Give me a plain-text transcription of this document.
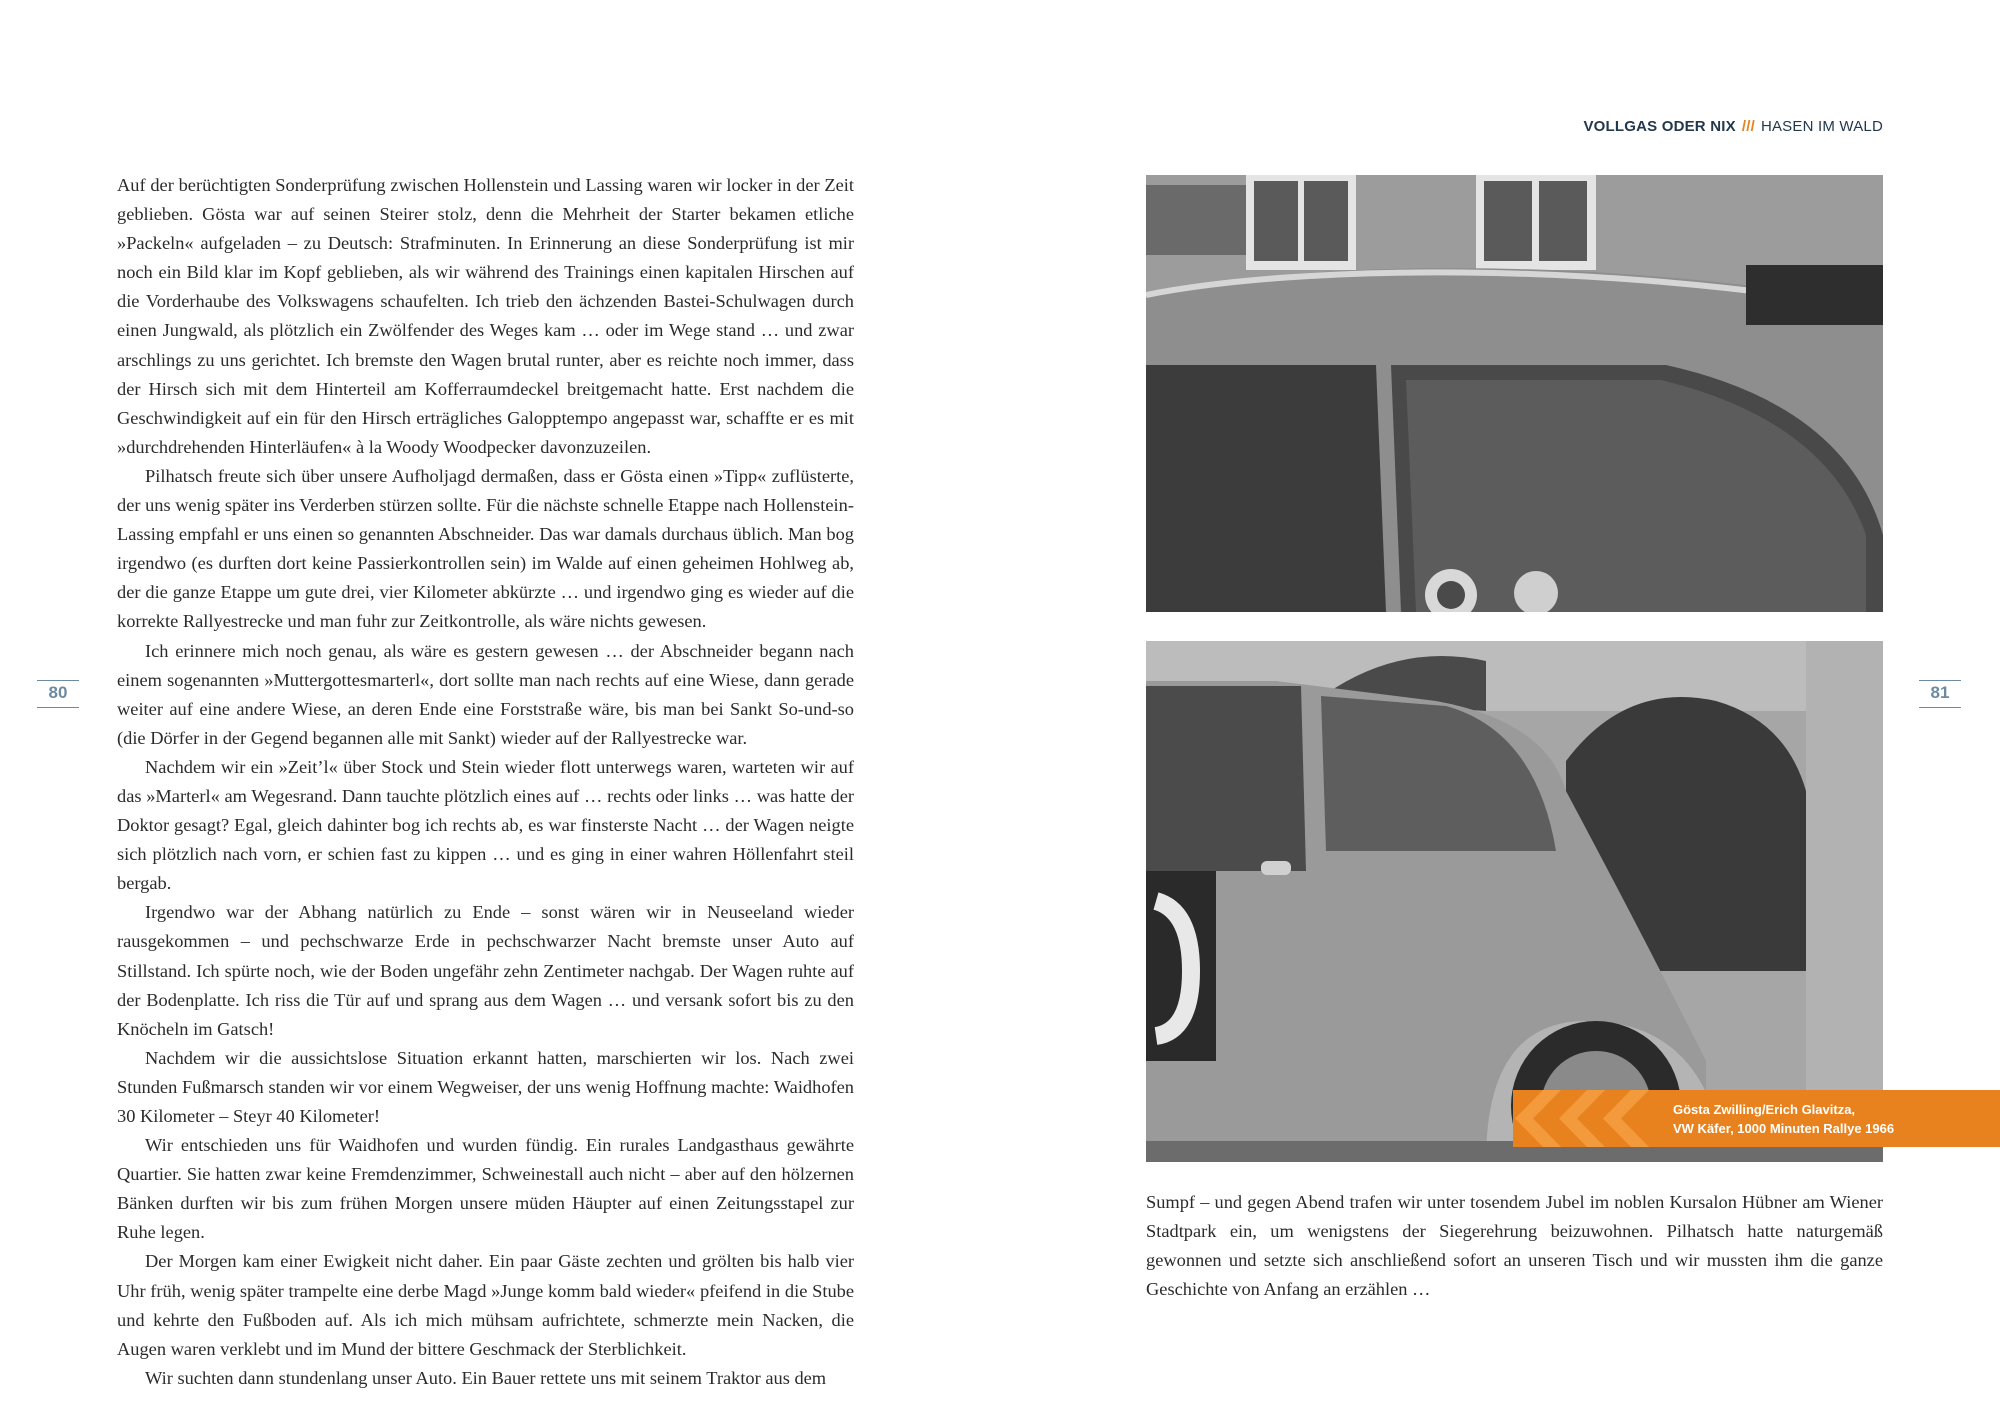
VOLLGAS ODER NIX /// HASEN IM WALD
80	81

Auf der berüchtigten Sonderprüfung zwischen Hollenstein und Lassing waren wir locker in der Zeit geblieben. Gösta war auf seinen Steirer stolz, denn die Mehrheit der Starter bekamen etliche »Packeln« aufgeladen – zu Deutsch: Strafminuten. In Erinnerung an diese Sonderprüfung ist mir noch ein Bild klar im Kopf geblieben, als wir während des Trainings einen kapitalen Hirschen auf die Vorderhaube des Volkswagens schaufelten. Ich trieb den ächzenden Bastei-Schulwagen durch einen Jungwald, als plötzlich ein Zwölfender des Weges kam … oder im Wege stand … und zwar arschlings zu uns gerichtet. Ich bremste den Wagen brutal runter, aber es reichte noch immer, dass der Hirsch sich mit dem Hinterteil am Kofferraumdeckel breitgemacht hatte. Erst nachdem die Geschwindigkeit auf ein für den Hirsch erträgliches Galopptempo angepasst war, schaffte er es mit »durchdrehenden Hinterläufen« à la Woody Woodpecker davonzuzeilen.

Pilhatsch freute sich über unsere Aufholjagd dermaßen, dass er Gösta einen »Tipp« zuflüsterte, der uns wenig später ins Verderben stürzen sollte. Für die nächste schnelle Etappe nach Hollenstein-Lassing empfahl er uns einen so genannten Abschneider. Das war damals durchaus üblich. Man bog irgendwo (es durften dort keine Passierkontrollen sein) im Walde auf einen geheimen Hohlweg ab, der die ganze Etappe um gute drei, vier Kilometer abkürzte … und irgendwo ging es wieder auf die korrekte Rallyestrecke und man fuhr zur Zeitkontrolle, als wäre nichts gewesen.

Ich erinnere mich noch genau, als wäre es gestern gewesen … der Abschneider begann nach einem sogenannten »Muttergottesmarterl«, dort sollte man nach rechts auf eine Wiese, dann gerade weiter auf eine andere Wiese, an deren Ende eine Forststraße wäre, bis man bei Sankt So-und-so (die Dörfer in der Gegend begannen alle mit Sankt) wieder auf der Rallyestrecke war.

Nachdem wir ein »Zeit’l« über Stock und Stein wieder flott unterwegs waren, warteten wir auf das »Marterl« am Wegesrand. Dann tauchte plötzlich eines auf … rechts oder links … was hatte der Doktor gesagt? Egal, gleich dahinter bog ich rechts ab, es war finsterste Nacht … der Wagen neigte sich plötzlich nach vorn, er schien fast zu kippen … und es ging in einer wahren Höllenfahrt steil bergab.

Irgendwo war der Abhang natürlich zu Ende – sonst wären wir in Neuseeland wieder rausgekommen – und pechschwarze Erde in pechschwarzer Nacht bremste unser Auto auf Stillstand. Ich spürte noch, wie der Boden ungefähr zehn Zentimeter nachgab. Der Wagen ruhte auf der Bodenplatte. Ich riss die Tür auf und sprang aus dem Wagen … und versank sofort bis zu den Knöcheln im Gatsch!

Nachdem wir die aussichtslose Situation erkannt hatten, marschierten wir los. Nach zwei Stunden Fußmarsch standen wir vor einem Wegweiser, der uns wenig Hoffnung machte: Waidhofen 30 Kilometer – Steyr 40 Kilometer!

Wir entschieden uns für Waidhofen und wurden fündig. Ein rurales Landgasthaus gewährte Quartier. Sie hatten zwar keine Fremdenzimmer, Schweinestall auch nicht – aber auf den hölzernen Bänken durften wir bis zum frühen Morgen unsere müden Häupter auf einen Zeitungsstapel zur Ruhe legen.

Der Morgen kam einer Ewigkeit nicht daher. Ein paar Gäste zechten und grölten bis halb vier Uhr früh, wenig später trampelte eine derbe Magd »Junge komm bald wieder« pfeifend in die Stube und kehrte den Fußboden auf. Als ich mich mühsam aufrichtete, schmerzte mein Nacken, die Augen waren verklebt und im Mund der bittere Geschmack der Sterblichkeit.

Wir suchten dann stundenlang unser Auto. Ein Bauer rettete uns mit seinem Traktor aus dem

Gösta Zwilling/Erich Glavitza,
VW Käfer, 1000 Minuten Rallye 1966

Sumpf – und gegen Abend trafen wir unter tosendem Jubel im noblen Kursalon Hübner am Wiener Stadtpark ein, um wenigstens der Siegerehrung beizuwohnen. Pilhatsch hatte naturgemäß gewonnen und setzte sich anschließend sofort an unseren Tisch und wir mussten ihm die ganze Geschichte von Anfang an erzählen …
